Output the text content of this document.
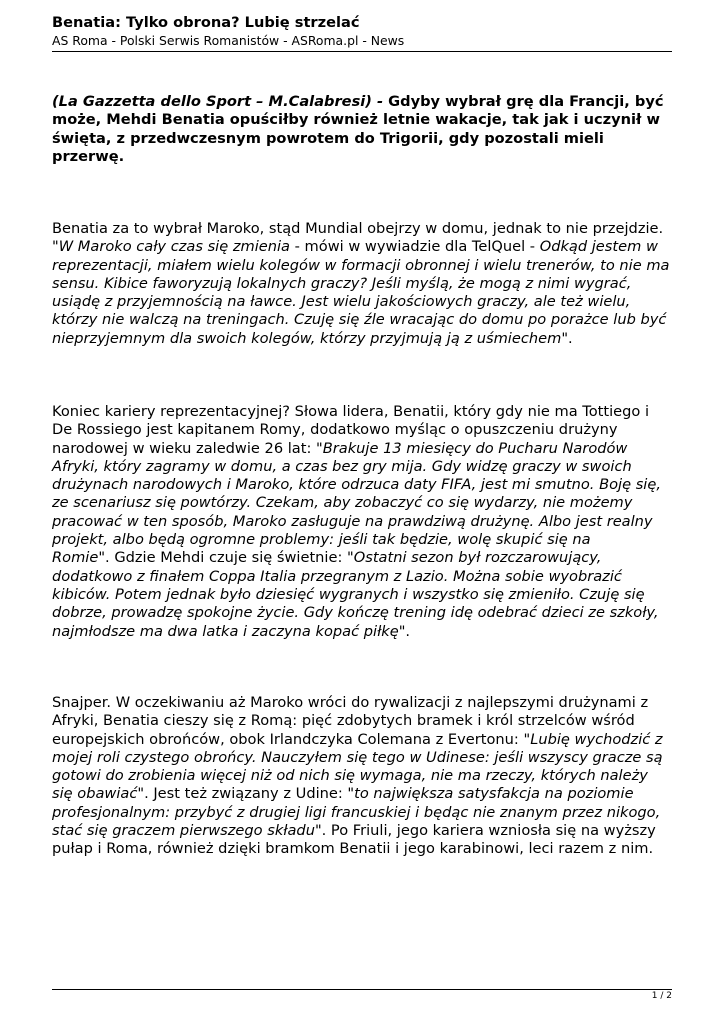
Benatia: Tylko obrona? Lubię strzelać
AS Roma - Polski Serwis Romanistów - ASRoma.pl - News
(La Gazzetta dello Sport – M.Calabresi) - Gdyby wybrał grę dla Francji, być
może, Mehdi Benatia opuściłby również letnie wakacje, tak jak i uczynił w
święta, z przedwczesnym powrotem do Trigorii, gdy pozostali mieli
przerwę.
Benatia za to wybrał Maroko, stąd Mundial obejrzy w domu, jednak to nie przejdzie.
"W Maroko cały czas się zmienia - mówi w wywiadzie dla TelQuel - Odkąd jestem w
reprezentacji, miałem wielu kolegów w formacji obronnej i wielu trenerów, to nie ma
sensu. Kibice faworyzują lokalnych graczy? Jeśli myślą, że mogą z nimi wygrać,
usiądę z przyjemnością na ławce. Jest wielu jakościowych graczy, ale też wielu,
którzy nie walczą na treningach. Czuję się źle wracając do domu po porażce lub być
nieprzyjemnym dla swoich kolegów, którzy przyjmują ją z uśmiechem".
Koniec kariery reprezentacyjnej? Słowa lidera, Benatii, który gdy nie ma Tottiego i
De Rossiego jest kapitanem Romy, dodatkowo myśląc o opuszczeniu drużyny
narodowej w wieku zaledwie 26 lat: "Brakuje 13 miesięcy do Pucharu Narodów
Afryki, który zagramy w domu, a czas bez gry mija. Gdy widzę graczy w swoich
drużynach narodowych i Maroko, które odrzuca daty FIFA, jest mi smutno. Boję się,
ze scenariusz się powtórzy. Czekam, aby zobaczyć co się wydarzy, nie możemy
pracować w ten sposób, Maroko zasługuje na prawdziwą drużynę. Albo jest realny
projekt, albo będą ogromne problemy: jeśli tak będzie, wolę skupić się na
Romie". Gdzie Mehdi czuje się świetnie: "Ostatni sezon był rozczarowujący,
dodatkowo z finałem Coppa Italia przegranym z Lazio. Można sobie wyobrazić
kibiców. Potem jednak było dziesięć wygranych i wszystko się zmieniło. Czuję się
dobrze, prowadzę spokojne życie. Gdy kończę trening idę odebrać dzieci ze szkoły,
najmłodsze ma dwa latka i zaczyna kopać piłkę".
Snajper. W oczekiwaniu aż Maroko wróci do rywalizacji z najlepszymi drużynami z
Afryki, Benatia cieszy się z Romą: pięć zdobytych bramek i król strzelców wśród
europejskich obrońców, obok Irlandczyka Colemana z Evertonu: "Lubię wychodzić z
mojej roli czystego obrońcy. Nauczyłem się tego w Udinese: jeśli wszyscy gracze są
gotowi do zrobienia więcej niż od nich się wymaga, nie ma rzeczy, których należy
się obawiać". Jest też związany z Udine: "to największa satysfakcja na poziomie
profesjonalnym: przybyć z drugiej ligi francuskiej i będąc nie znanym przez nikogo,
stać się graczem pierwszego składu". Po Friuli, jego kariera wzniosła się na wyższy
pułap i Roma, również dzięki bramkom Benatii i jego karabinowi, leci razem z nim.
1 / 2
